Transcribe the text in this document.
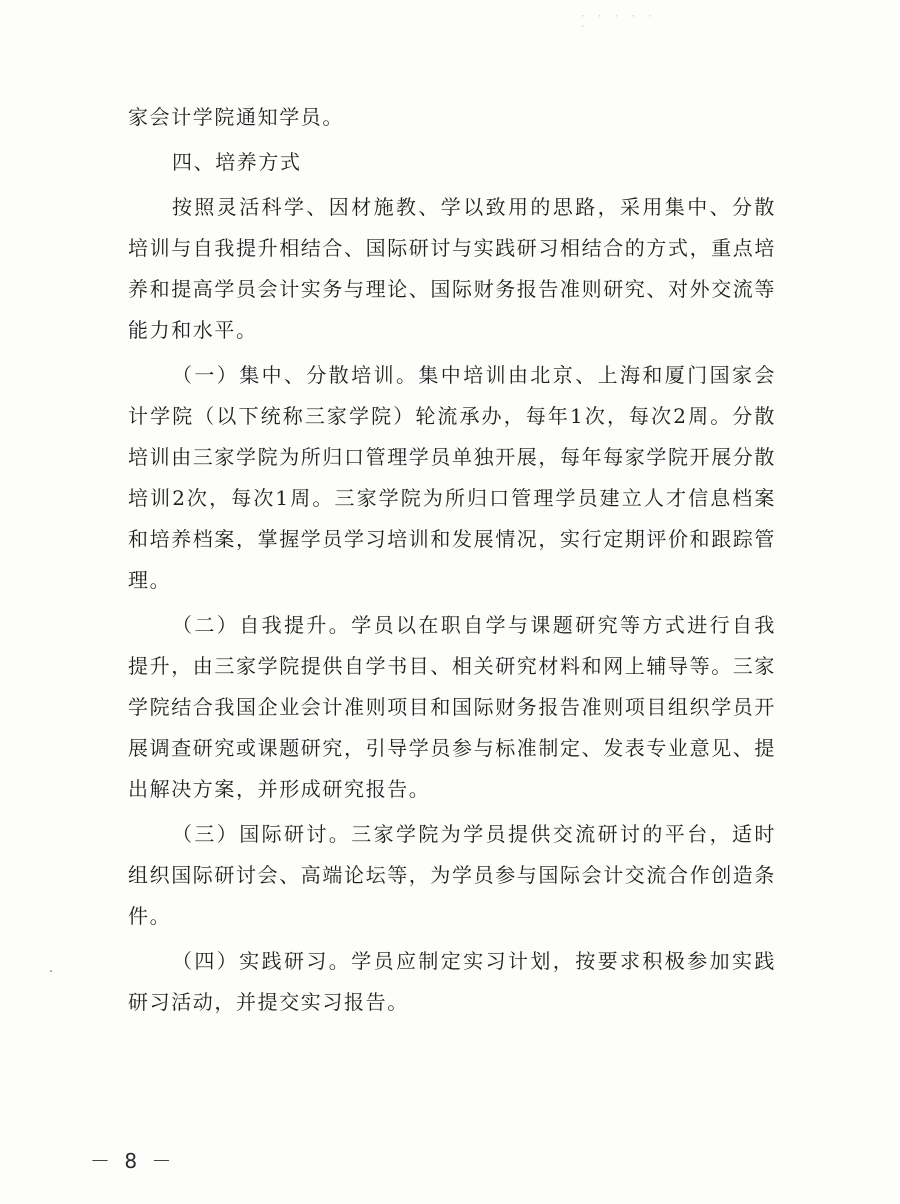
· · · · · ·

家会计学院通知学员。

四、培养方式

按照灵活科学、因材施教、学以致用的思路，采用集中、分散培训与自我提升相结合、国际研讨与实践研习相结合的方式，重点培养和提高学员会计实务与理论、国际财务报告准则研究、对外交流等能力和水平。

（一）集中、分散培训。集中培训由北京、上海和厦门国家会计学院（以下统称三家学院）轮流承办，每年1次，每次2周。分散培训由三家学院为所归口管理学员单独开展，每年每家学院开展分散培训2次，每次1周。三家学院为所归口管理学员建立人才信息档案和培养档案，掌握学员学习培训和发展情况，实行定期评价和跟踪管理。

（二）自我提升。学员以在职自学与课题研究等方式进行自我提升，由三家学院提供自学书目、相关研究材料和网上辅导等。三家学院结合我国企业会计准则项目和国际财务报告准则项目组织学员开展调查研究或课题研究，引导学员参与标准制定、发表专业意见、提出解决方案，并形成研究报告。

（三）国际研讨。三家学院为学员提供交流研讨的平台，适时组织国际研讨会、高端论坛等，为学员参与国际会计交流合作创造条件。

（四）实践研习。学员应制定实习计划，按要求积极参加实践研习活动，并提交实习报告。

－ 8 －
